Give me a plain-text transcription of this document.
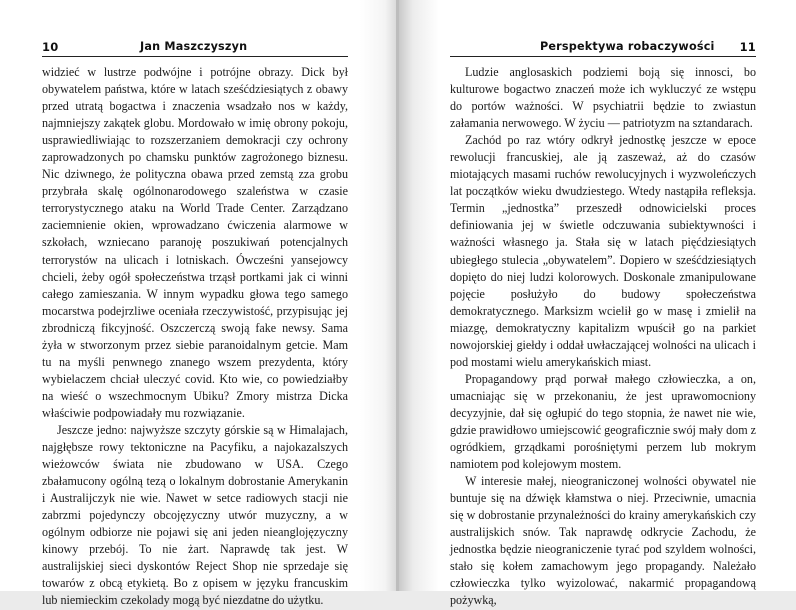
10	Jan Maszczyszyn

widzieć w lustrze podwójne i potrójne obrazy. Dick był obywatelem państwa, które w latach sześćdziesiątych z obawy przed utratą bogactwa i znaczenia wsadzało nos w każdy, najmniejszy zakątek globu. Mordowało w imię obrony pokoju, usprawiedliwiając to rozszerzaniem demokracji czy ochrony zaprowadzonych po chamsku punktów zagrożonego biznesu. Nic dziwnego, że polityczna obawa przed zemstą zza grobu przybrała skalę ogólnonarodowego szaleństwa w czasie terrorystycznego ataku na World Trade Center. Zarządzano zaciemnienie okien, wprowadzano ćwiczenia alarmowe w szkołach, wzniecano paranoję poszukiwań potencjalnych terrorystów na ulicach i lotniskach. Ówcześni yansejowcy chcieli, żeby ogół społeczeństwa trząsł portkami jak ci winni całego zamieszania. W innym wypadku głowa tego samego mocarstwa podejrzliwe oceniała rzeczywistość, przypisując jej zbrodniczą fikcyjność. Oszczerczą swoją fake newsy. Sama żyła w stworzonym przez siebie paranoidalnym getcie. Mam tu na myśli penwnego znanego wszem prezydenta, który wybielaczem chciał uleczyć covid. Kto wie, co powiedziałby na wieść o wszechmocnym Ubiku? Zmory mistrza Dicka właściwie podpowiadały mu rozwiązanie.

Jeszcze jedno: najwyższe szczyty górskie są w Himalajach, najgłębsze rowy tektoniczne na Pacyfiku, a najokazalszych wieżowców świata nie zbudowano w USA. Czego zbałamucony ogólną tezą o lokalnym dobrostanie Amerykanin i Australijczyk nie wie. Nawet w setce radiowych stacji nie zabrzmi pojedynczy obcojęzyczny utwór muzyczny, a w ogólnym odbiorze nie pojawi się ani jeden nieanglojęzyczny kinowy przebój. To nie żart. Naprawdę tak jest. W australijskiej sieci dyskontów Reject Shop nie sprzedaje się towarów z obcą etykietą. Bo z opisem w języku francuskim lub niemieckim czekolady mogą być niezdatne do użytku.

Perspektywa robaczywości 11

Ludzie anglosaskich podziemi boją się innosci, bo kulturowe bogactwo znaczeń może ich wykluczyć ze wstępu do portów ważności. W psychiatrii będzie to zwiastun załamania nerwowego. W życiu — patriotyzm na sztandarach.

Zachód po raz wtóry odkrył jednostkę jeszcze w epoce rewolucji francuskiej, ale ją zaszeważ, aż do czasów miotających masami ruchów rewolucyjnych i wyzwoleńczych lat początków wieku dwudziestego. Wtedy nastąpiła refleksja. Termin „jednostka” przeszedł odnowicielski proces definiowania jej w świetle odczuwania subiektywności i ważności własnego ja. Stała się w latach pięćdziesiątych ubiegłego stulecia „obywatelem”. Dopiero w sześćdziesiątych dopięto do niej ludzi kolorowych. Doskonale zmanipulowane pojęcie posłużyło do budowy społeczeństwa demokratycznego. Marksizm wcielił go w masę i zmielił na miazgę, demokratyczny kapitalizm wpuścił go na parkiet nowojorskiej giełdy i oddał uwłaczającej wolności na ulicach i pod mostami wielu amerykańskich miast.

Propagandowy prąd porwał małego człowieczka, a on, umacniając się w przekonaniu, że jest uprawomocniony decyzyjnie, dał się ogłupić do tego stopnia, że nawet nie wie, gdzie prawidłowo umiejscowić geograficznie swój mały dom z ogródkiem, grządkami porośniętymi perzem lub mokrym namiotem pod kolejowym mostem.

W interesie małej, nieograniczonej wolności obywatel nie buntuje się na dźwięk kłamstwa o niej. Przeciwnie, umacnia się w dobrostanie przynależności do krainy amerykańskich czy australijskich snów. Tak naprawdę odkrycie Zachodu, że jednostka będzie nieograniczenie tyrać pod szyldem wolności, stało się kołem zamachowym jego propagandy. Należało człowieczka tylko wyizolować, nakarmić propagandową pożywką,
